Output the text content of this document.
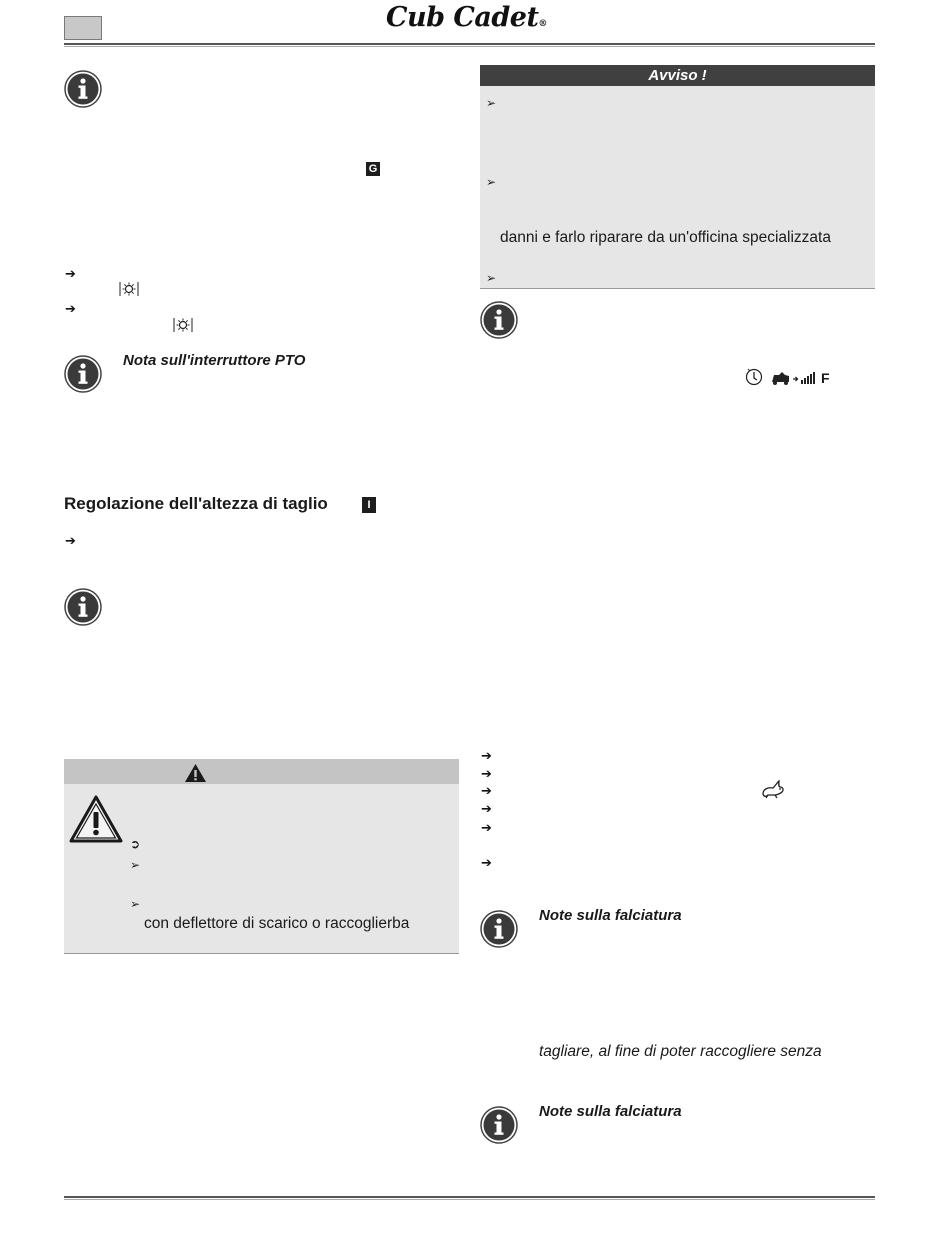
Cub Cadet®
G
➔
➔
Nota sull'interruttore PTO
Regolazione dell'altezza di taglio	I
➔
➲
➢
➢
con deflettore di scarico o raccoglierba
Avviso !
➢
➢
danni e farlo riparare da un'officina specializzata
➢
F
➔
➔
➔
➔
➔
➔
Note sulla falciatura
tagliare, al fine di poter raccogliere senza
Note sulla falciatura
